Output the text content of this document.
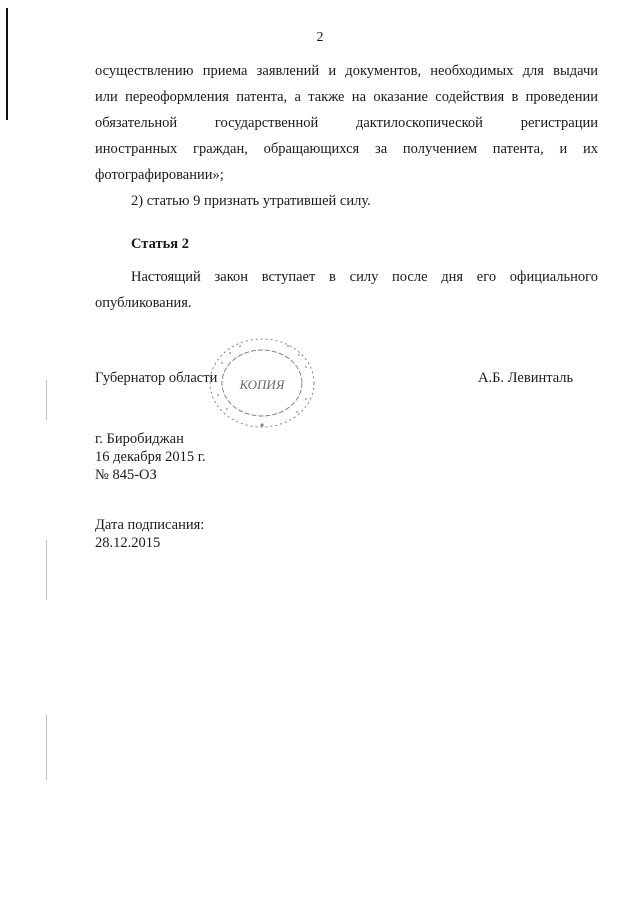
2
осуществлению приема заявлений и документов, необходимых для выдачи
или переоформления патента, а также на оказание содействия в проведении
обязательной государственной дактилоскопической регистрации
иностранных граждан, обращающихся за получением патента, и их
фотографировании»;
2) статью 9 признать утратившей силу.
Статья 2
Настоящий закон вступает в силу после дня его официального
опубликования.
Губернатор области	А.Б. Левинталь
КОПИЯ
г. Биробиджан
16 декабря 2015 г.
№ 845-ОЗ
Дата подписания:
28.12.2015
